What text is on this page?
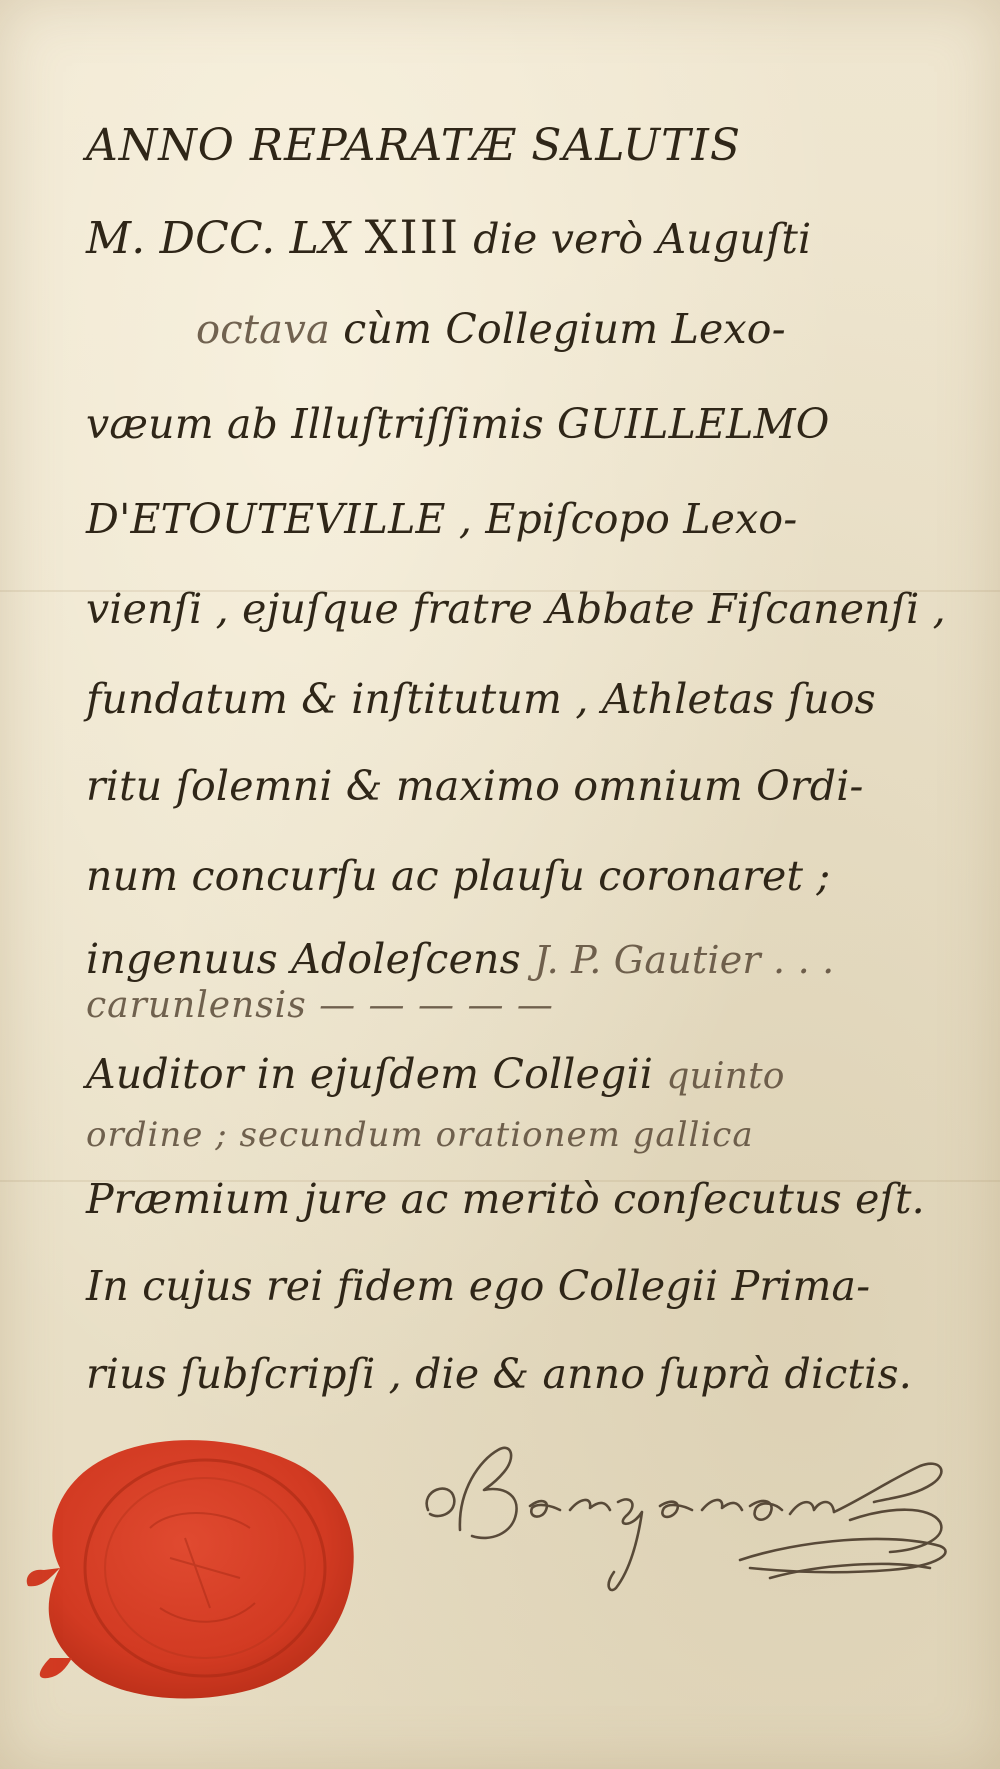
ANNO REPARATÆ SALUTIS
M. DCC. LX XIII die verò Auguſti
octava cùm Collegium Lexo-
væum ab Illuſtriſſimis GUILLELMO
D'ETOUTEVILLE , Epiſcopo Lexo-
vienſi , ejuſque fratre Abbate Fiſcanenſi ,
fundatum & inſtitutum , Athletas ſuos
ritu ſolemni & maximo omnium Ordi-
num concurſu ac plauſu coronaret ;
ingenuus Adoleſcens J. P. Gautier . . .
carunlensis — — — — —
Auditor in ejuſdem Collegii quinto
ordine ; secundum orationem gallica
Præmium jure ac meritò conſecutus eſt.
In cujus rei fidem ego Collegii Prima-
rius ſubſcripſi , die & anno ſuprà dictis.
